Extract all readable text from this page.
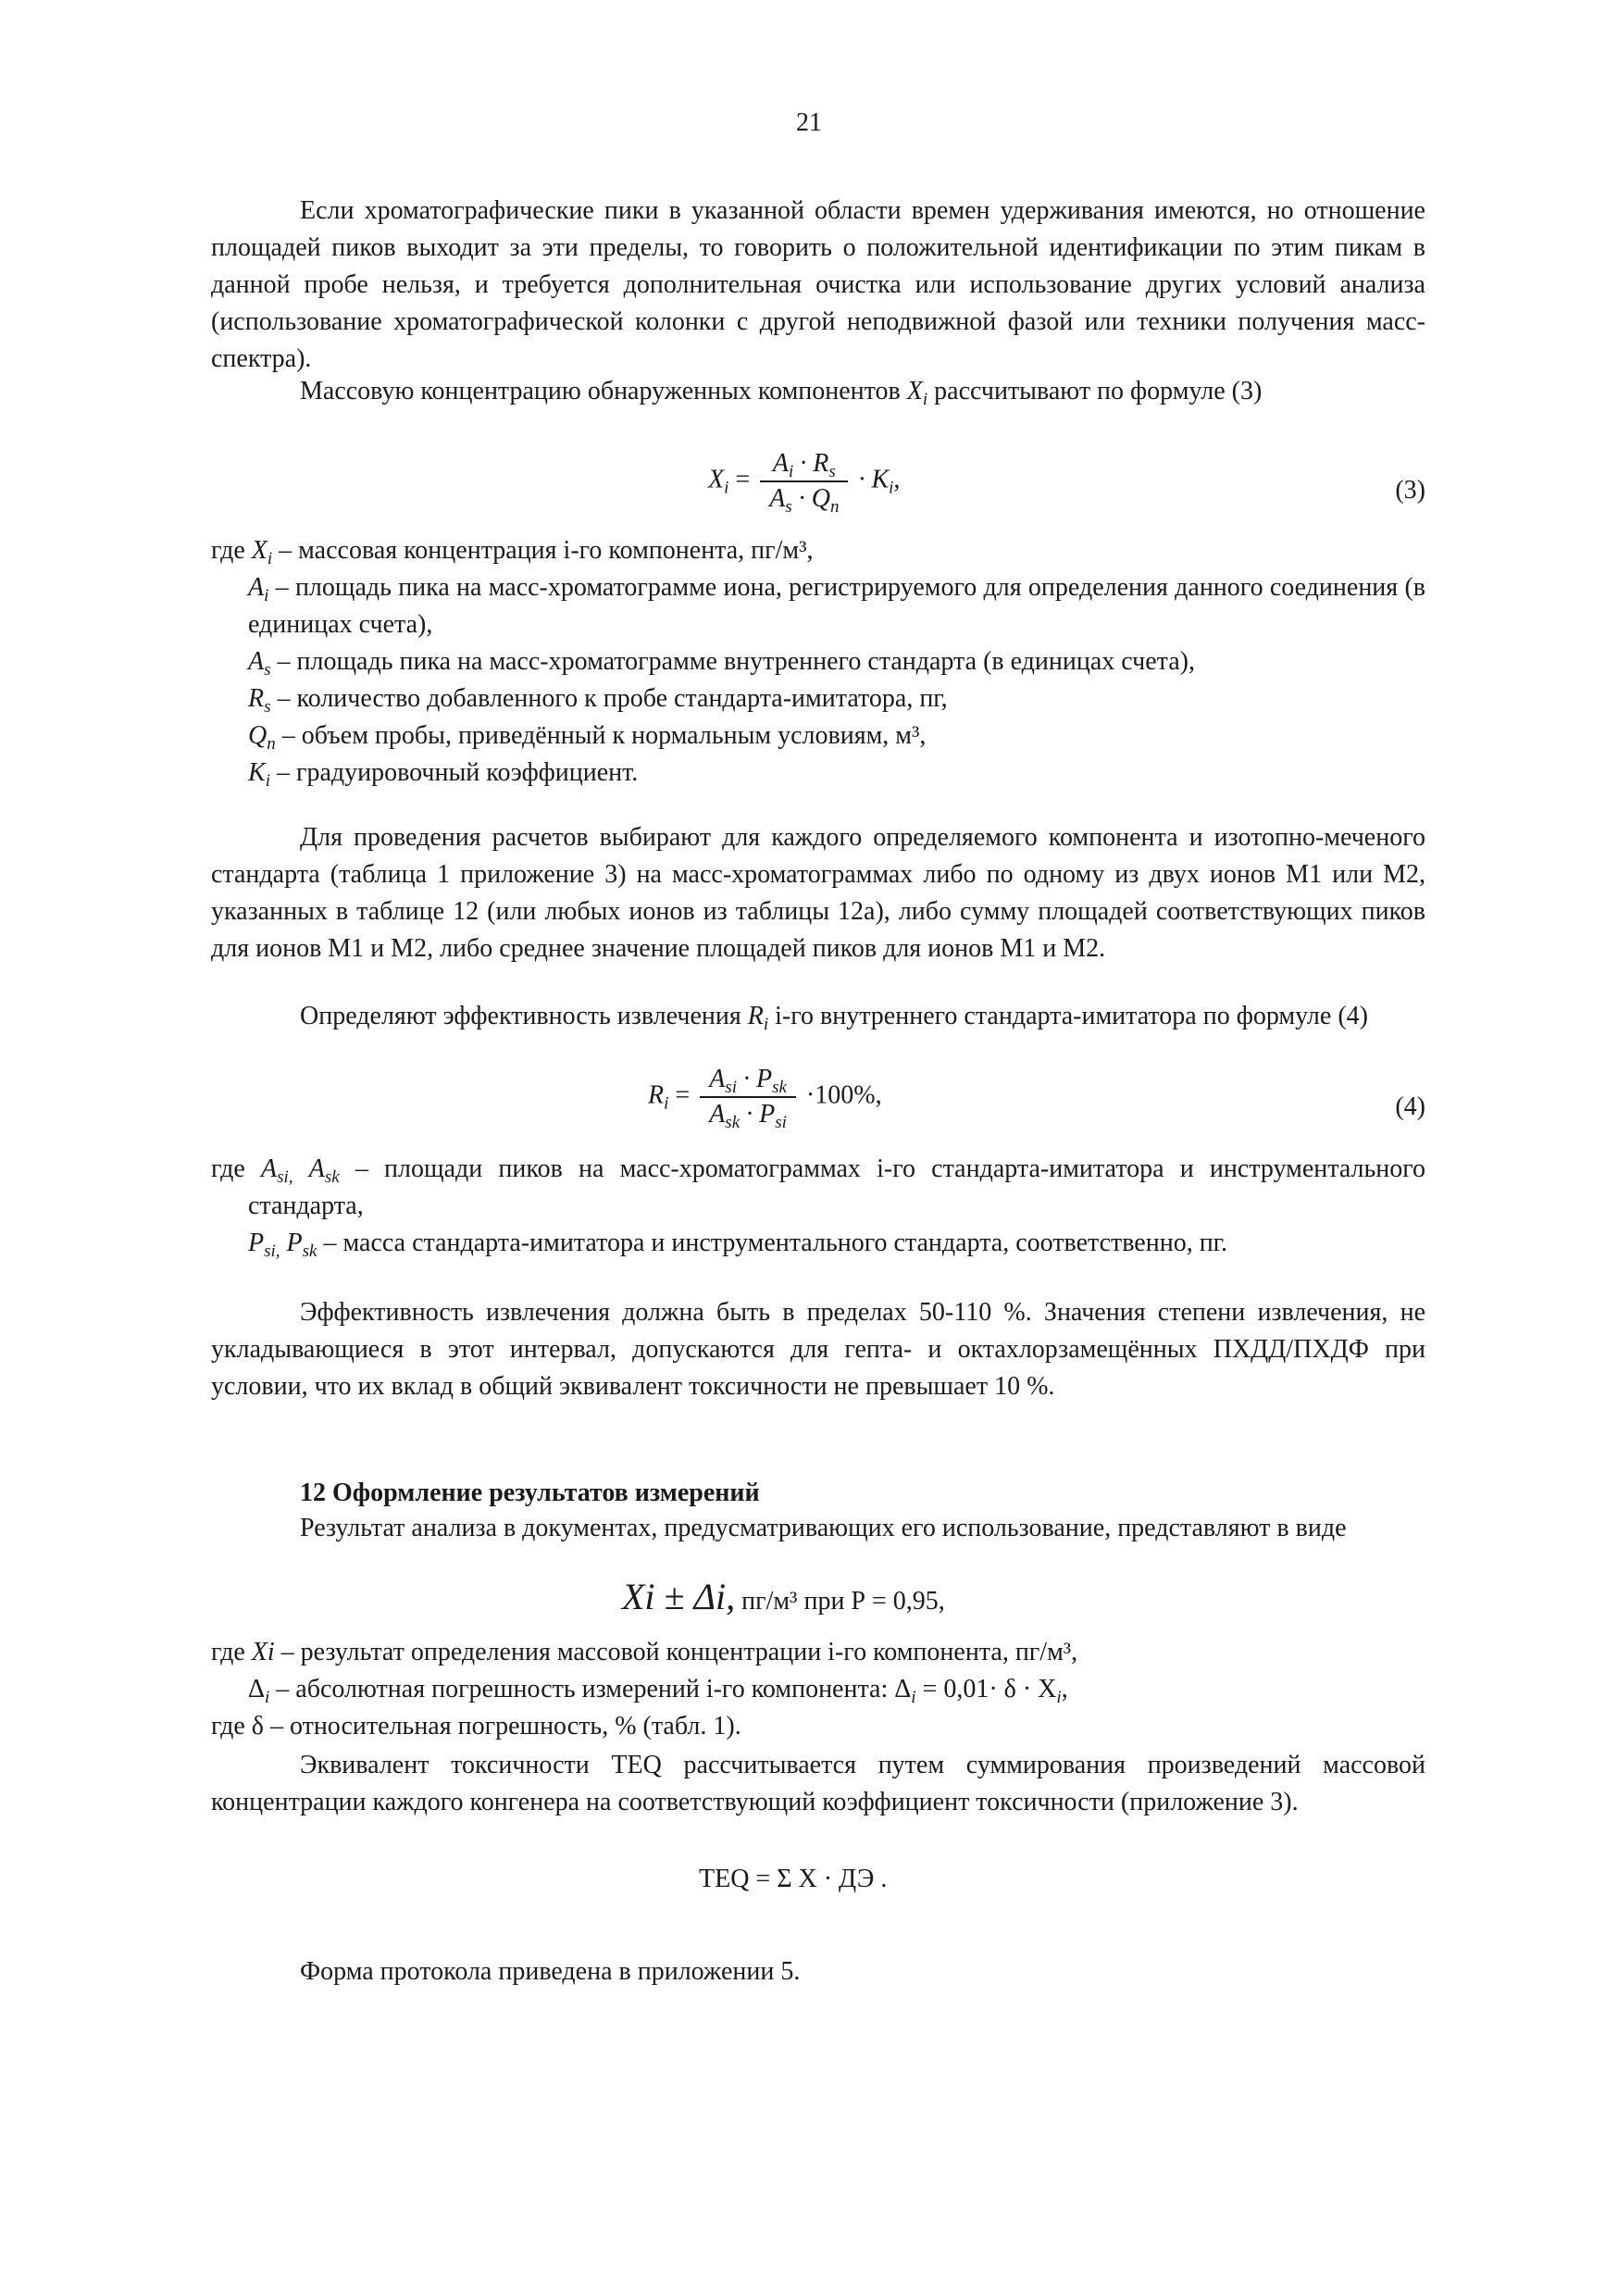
21

Если хроматографические пики в указанной области времен удерживания имеются, но отношение площадей пиков выходит за эти пределы, то говорить о положительной идентификации по этим пикам в данной пробе нельзя, и требуется дополнительная очистка или использование других условий анализа (использование хроматографической колонки с другой неподвижной фазой или техники получения масс-спектра).

Массовую концентрацию обнаруженных компонентов $X_i$ рассчитывают по формуле (3)

$X_i = \frac{A_i \cdot R_s}{A_s \cdot Q_n} \cdot K_i$,	(3)
где $X_i$ – массовая концентрация i-го компонента, пг/м³,
$A_i$ – площадь пика на масс-хроматограмме иона, регистрируемого для определения данного соединения (в единицах счета),
$A_s$ – площадь пика на масс-хроматограмме внутреннего стандарта (в единицах счета),
$R_s$ – количество добавленного к пробе стандарта-имитатора, пг,
$Q_n$ – объем пробы, приведённый к нормальным условиям, м³,
$K_i$ – градуировочный коэффициент.

Для проведения расчетов выбирают для каждого определяемого компонента и изотопно-меченого стандарта (таблица 1 приложение 3) на масс-хроматограммах либо по одному из двух ионов M1 или M2, указанных в таблице 12 (или любых ионов из таблицы 12а), либо сумму площадей соответствующих пиков для ионов M1 и M2, либо среднее значение площадей пиков для ионов M1 и M2.

Определяют эффективность извлечения $R_i$ i-го внутреннего стандарта-имитатора по формуле (4)

$R_i = \frac{A_{si} \cdot P_{sk}}{A_{sk} \cdot P_{si}} \cdot 100\%$,	(4)
где $A_{si,}$ $A_{sk}$ – площади пиков на масс-хроматограммах i-го стандарта-имитатора и инструментального стандарта,
$P_{si,}$ $P_{sk}$ – масса стандарта-имитатора и инструментального стандарта, соответственно, пг.

Эффективность извлечения должна быть в пределах 50-110 %. Значения степени извлечения, не укладывающиеся в этот интервал, допускаются для гепта- и октахлорзамещённых ПХДД/ПХДФ при условии, что их вклад в общий эквивалент токсичности не превышает 10 %.

12 Оформление результатов измерений

Результат анализа в документах, предусматривающих его использование, представляют в виде

Xi ± Δi, пг/м³ при Р = 0,95,
где Xi – результат определения массовой концентрации i-го компонента, пг/м³,
$\Delta_i$ – абсолютная погрешность измерений i-го компонента: $\Delta_i = 0,01\cdot \delta \cdot X_i$,
где δ – относительная погрешность, % (табл. 1).

Эквивалент токсичности TEQ рассчитывается путем суммирования произведений массовой концентрации каждого конгенера на соответствующий коэффициент токсичности (приложение 3).

TEQ = Σ X · ДЭ .

Форма протокола приведена в приложении 5.
